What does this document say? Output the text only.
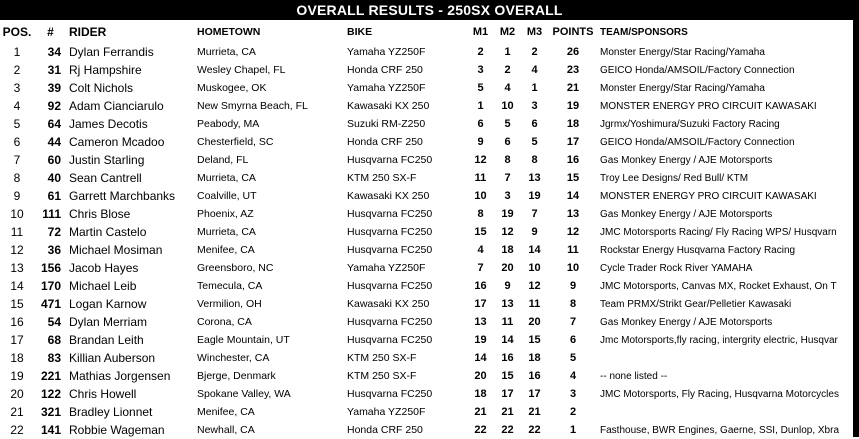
OVERALL RESULTS - 250SX OVERALL
POS.	#	RIDER	HOMETOWN	BIKE	M1	M2	M3	POINTS	TEAM/SPONSORS
1	34	Dylan Ferrandis	Murrieta, CA	Yamaha YZ250F	2	1	2	26	Monster Energy/Star Racing/Yamaha
2	31	Rj Hampshire	Wesley Chapel, FL	Honda CRF 250	3	2	4	23	GEICO Honda/AMSOIL/Factory Connection
3	39	Colt Nichols	Muskogee, OK	Yamaha YZ250F	5	4	1	21	Monster Energy/Star Racing/Yamaha
4	92	Adam Cianciarulo	New Smyrna Beach, FL	Kawasaki KX 250	1	10	3	19	MONSTER ENERGY PRO CIRCUIT KAWASAKI
5	64	James Decotis	Peabody, MA	Suzuki RM-Z250	6	5	6	18	Jgrmx/Yoshimura/Suzuki Factory Racing
6	44	Cameron Mcadoo	Chesterfield, SC	Honda CRF 250	9	6	5	17	GEICO Honda/AMSOIL/Factory Connection
7	60	Justin Starling	Deland, FL	Husqvarna FC250	12	8	8	16	Gas Monkey Energy / AJE Motorsports
8	40	Sean Cantrell	Murrieta, CA	KTM 250 SX-F	11	7	13	15	Troy Lee Designs/ Red Bull/ KTM
9	61	Garrett Marchbanks	Coalville, UT	Kawasaki KX 250	10	3	19	14	MONSTER ENERGY PRO CIRCUIT KAWASAKI
10	111	Chris Blose	Phoenix, AZ	Husqvarna FC250	8	19	7	13	Gas Monkey Energy / AJE Motorsports
11	72	Martin Castelo	Murrieta, CA	Husqvarna FC250	15	12	9	12	JMC Motorsports Racing/ Fly Racing WPS/ Husqvarn
12	36	Michael Mosiman	Menifee, CA	Husqvarna FC250	4	18	14	11	Rockstar Energy Husqvarna Factory Racing
13	156	Jacob Hayes	Greensboro, NC	Yamaha YZ250F	7	20	10	10	Cycle Trader Rock River YAMAHA
14	170	Michael Leib	Temecula, CA	Husqvarna FC250	16	9	12	9	JMC Motorsports, Canvas MX, Rocket Exhaust, On T
15	471	Logan Karnow	Vermilion, OH	Kawasaki KX 250	17	13	11	8	Team PRMX/Strikt Gear/Pelletier Kawasaki
16	54	Dylan Merriam	Corona, CA	Husqvarna FC250	13	11	20	7	Gas Monkey Energy / AJE Motorsports
17	68	Brandan Leith	Eagle Mountain, UT	Husqvarna FC250	19	14	15	6	Jmc Motorsports,fly racing, intergrity electric, Husqvar
18	83	Killian Auberson	Winchester, CA	KTM 250 SX-F	14	16	18	5	
19	221	Mathias Jorgensen	Bjerge, Denmark	KTM 250 SX-F	20	15	16	4	-- none listed --
20	122	Chris Howell	Spokane Valley, WA	Husqvarna FC250	18	17	17	3	JMC Motorsports, Fly Racing, Husqvarna Motorcycles
21	321	Bradley Lionnet	Menifee, CA	Yamaha YZ250F	21	21	21	2	
22	141	Robbie Wageman	Newhall, CA	Honda CRF 250	22	22	22	1	Fasthouse, BWR Engines, Gaerne, SSI, Dunlop, Xbra
